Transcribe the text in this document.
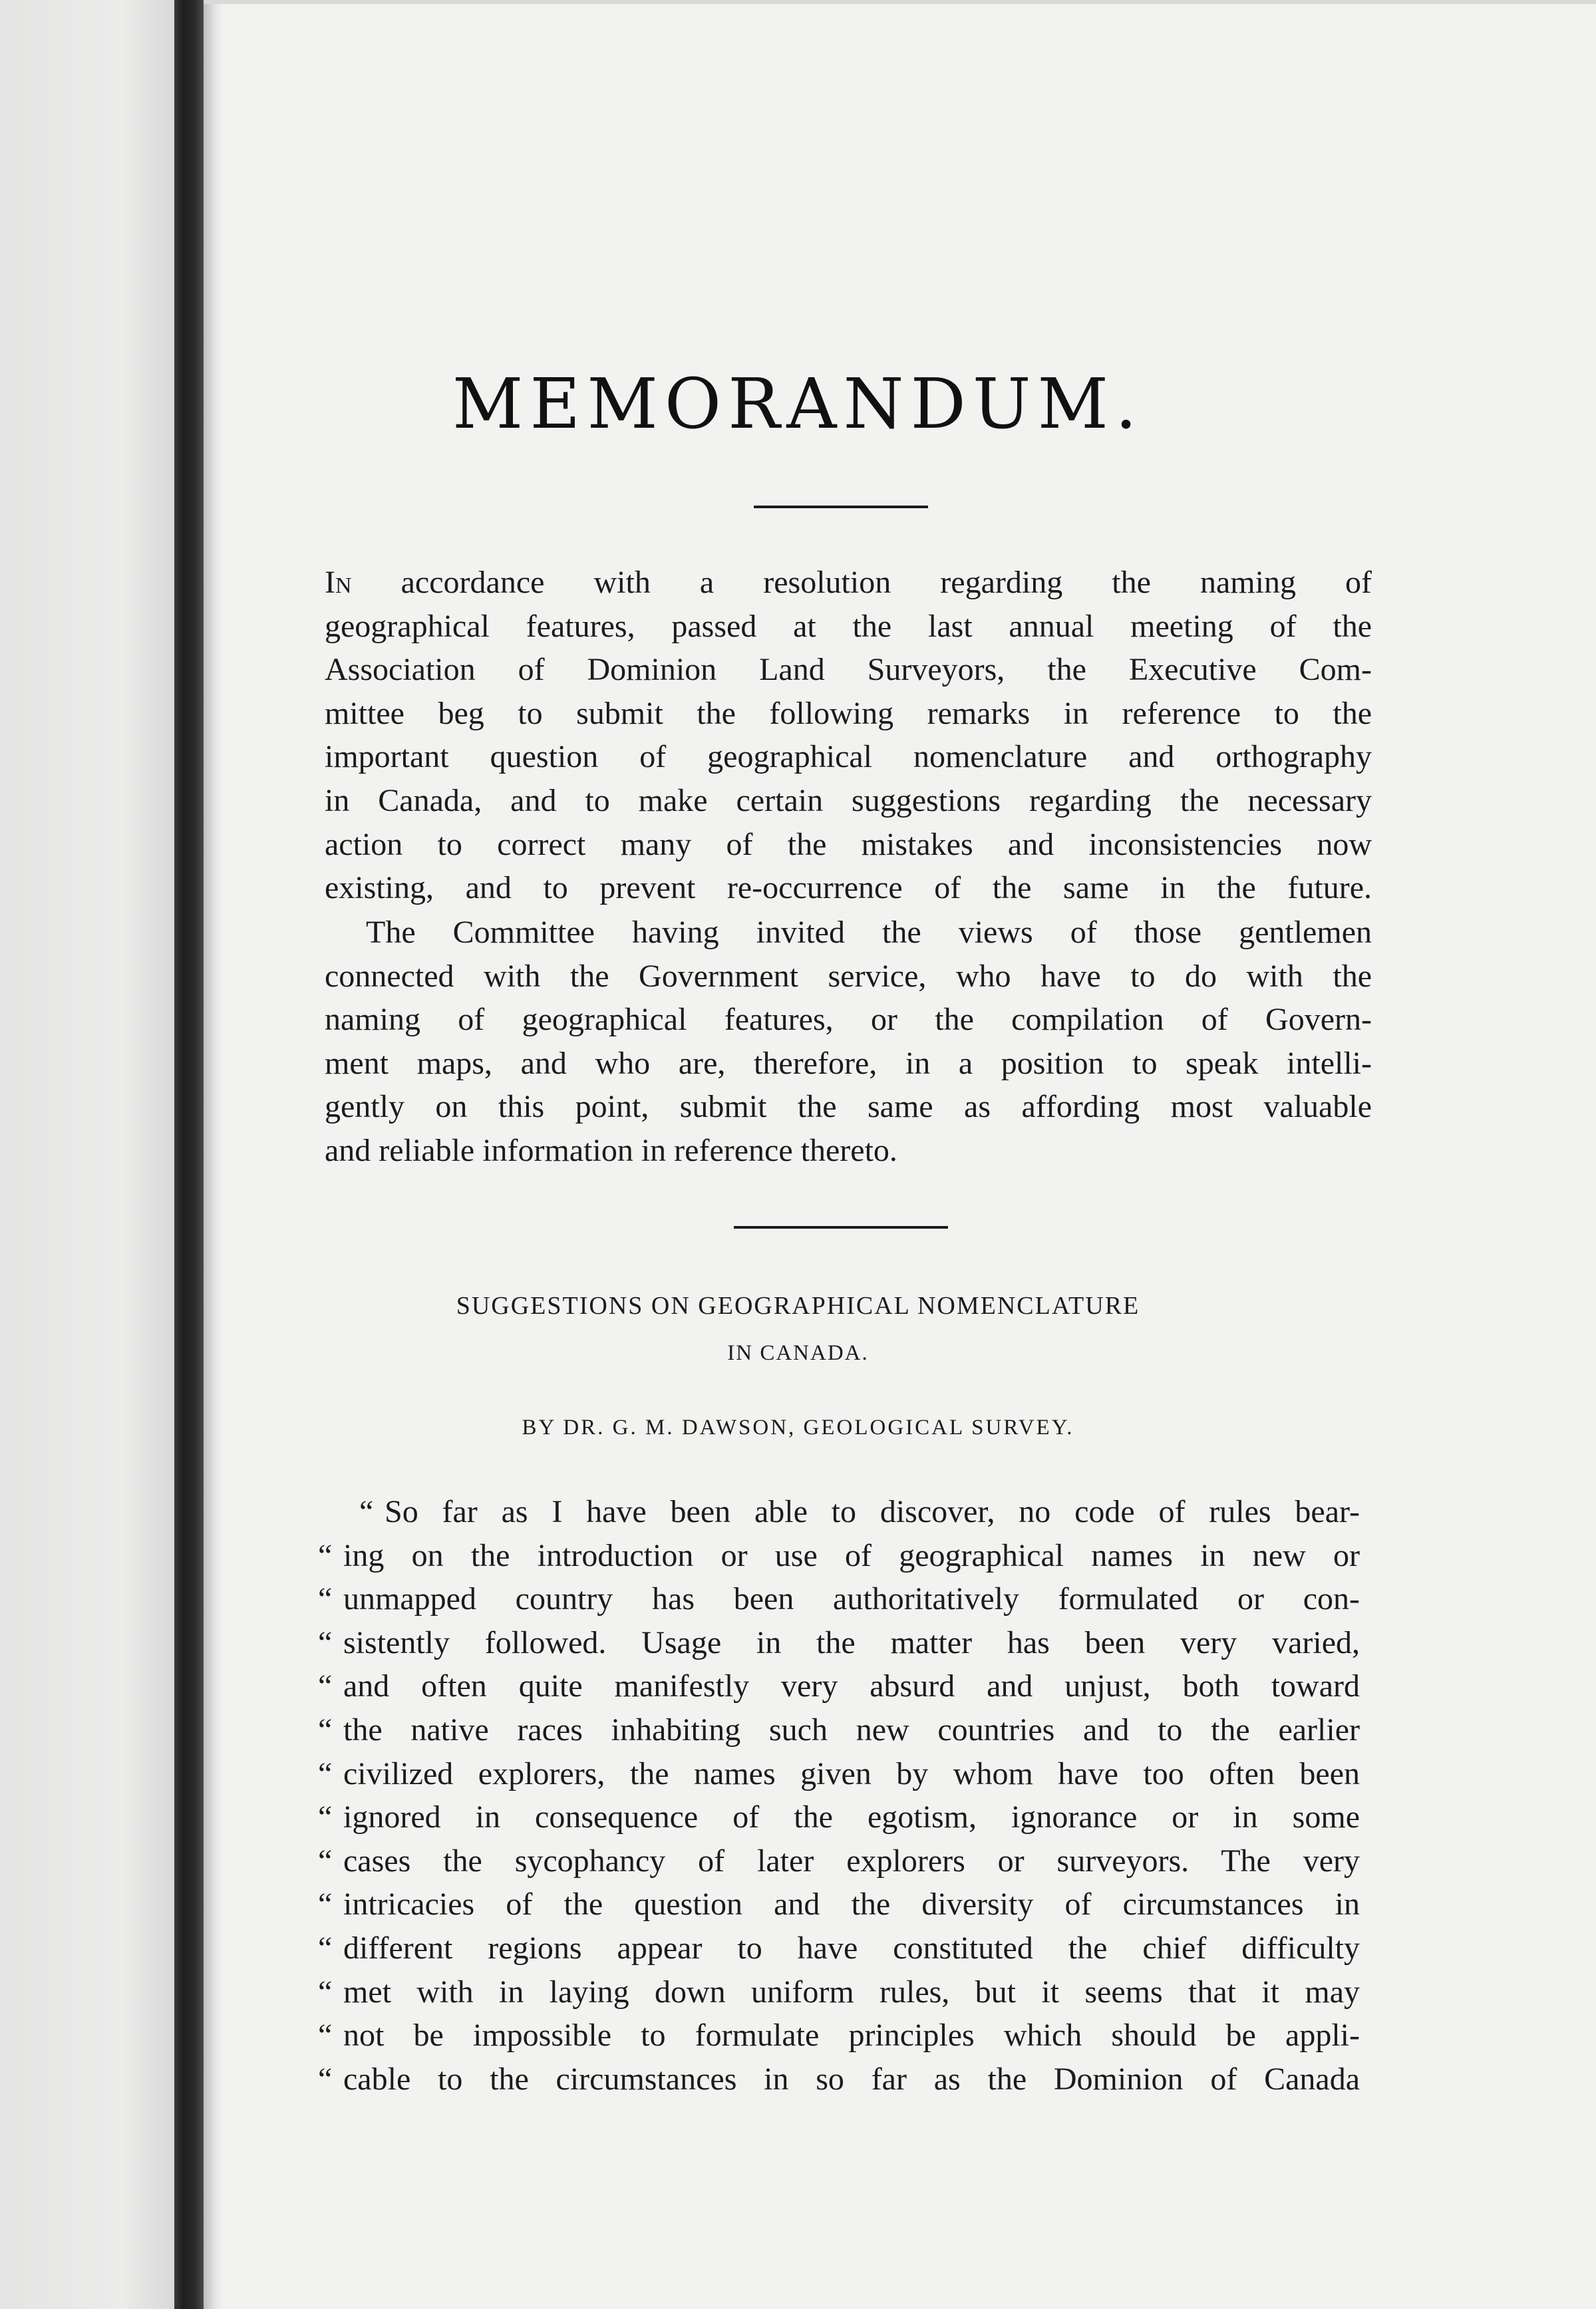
MEMORANDUM.
In accordance with a resolution regarding the naming of
geographical features, passed at the last annual meeting of the
Association of Dominion Land Surveyors, the Executive Com-
mittee beg to submit the following remarks in reference to the
important question of geographical nomenclature and orthography
in Canada, and to make certain suggestions regarding the necessary
action to correct many of the mistakes and inconsistencies now
existing, and to prevent re-occurrence of the same in the future.
The Committee having invited the views of those gentlemen
connected with the Government service, who have to do with the
naming of geographical features, or the compilation of Govern-
ment maps, and who are, therefore, in a position to speak intelli-
gently on this point, submit the same as affording most valuable
and reliable information in reference thereto.
SUGGESTIONS ON GEOGRAPHICAL NOMENCLATURE
IN CANADA.
BY DR. G. M. DAWSON, GEOLOGICAL SURVEY.
“ So far as I have been able to discover, no code of rules bear-
“ ing on the introduction or use of geographical names in new or
“ unmapped country has been authoritatively formulated or con-
“ sistently followed. Usage in the matter has been very varied,
“ and often quite manifestly very absurd and unjust, both toward
“ the native races inhabiting such new countries and to the earlier
“ civilized explorers, the names given by whom have too often been
“ ignored in consequence of the egotism, ignorance or in some
“ cases the sycophancy of later explorers or surveyors. The very
“ intricacies of the question and the diversity of circumstances in
“ different regions appear to have constituted the chief difficulty
“ met with in laying down uniform rules, but it seems that it may
“ not be impossible to formulate principles which should be appli-
“ cable to the circumstances in so far as the Dominion of Canada
